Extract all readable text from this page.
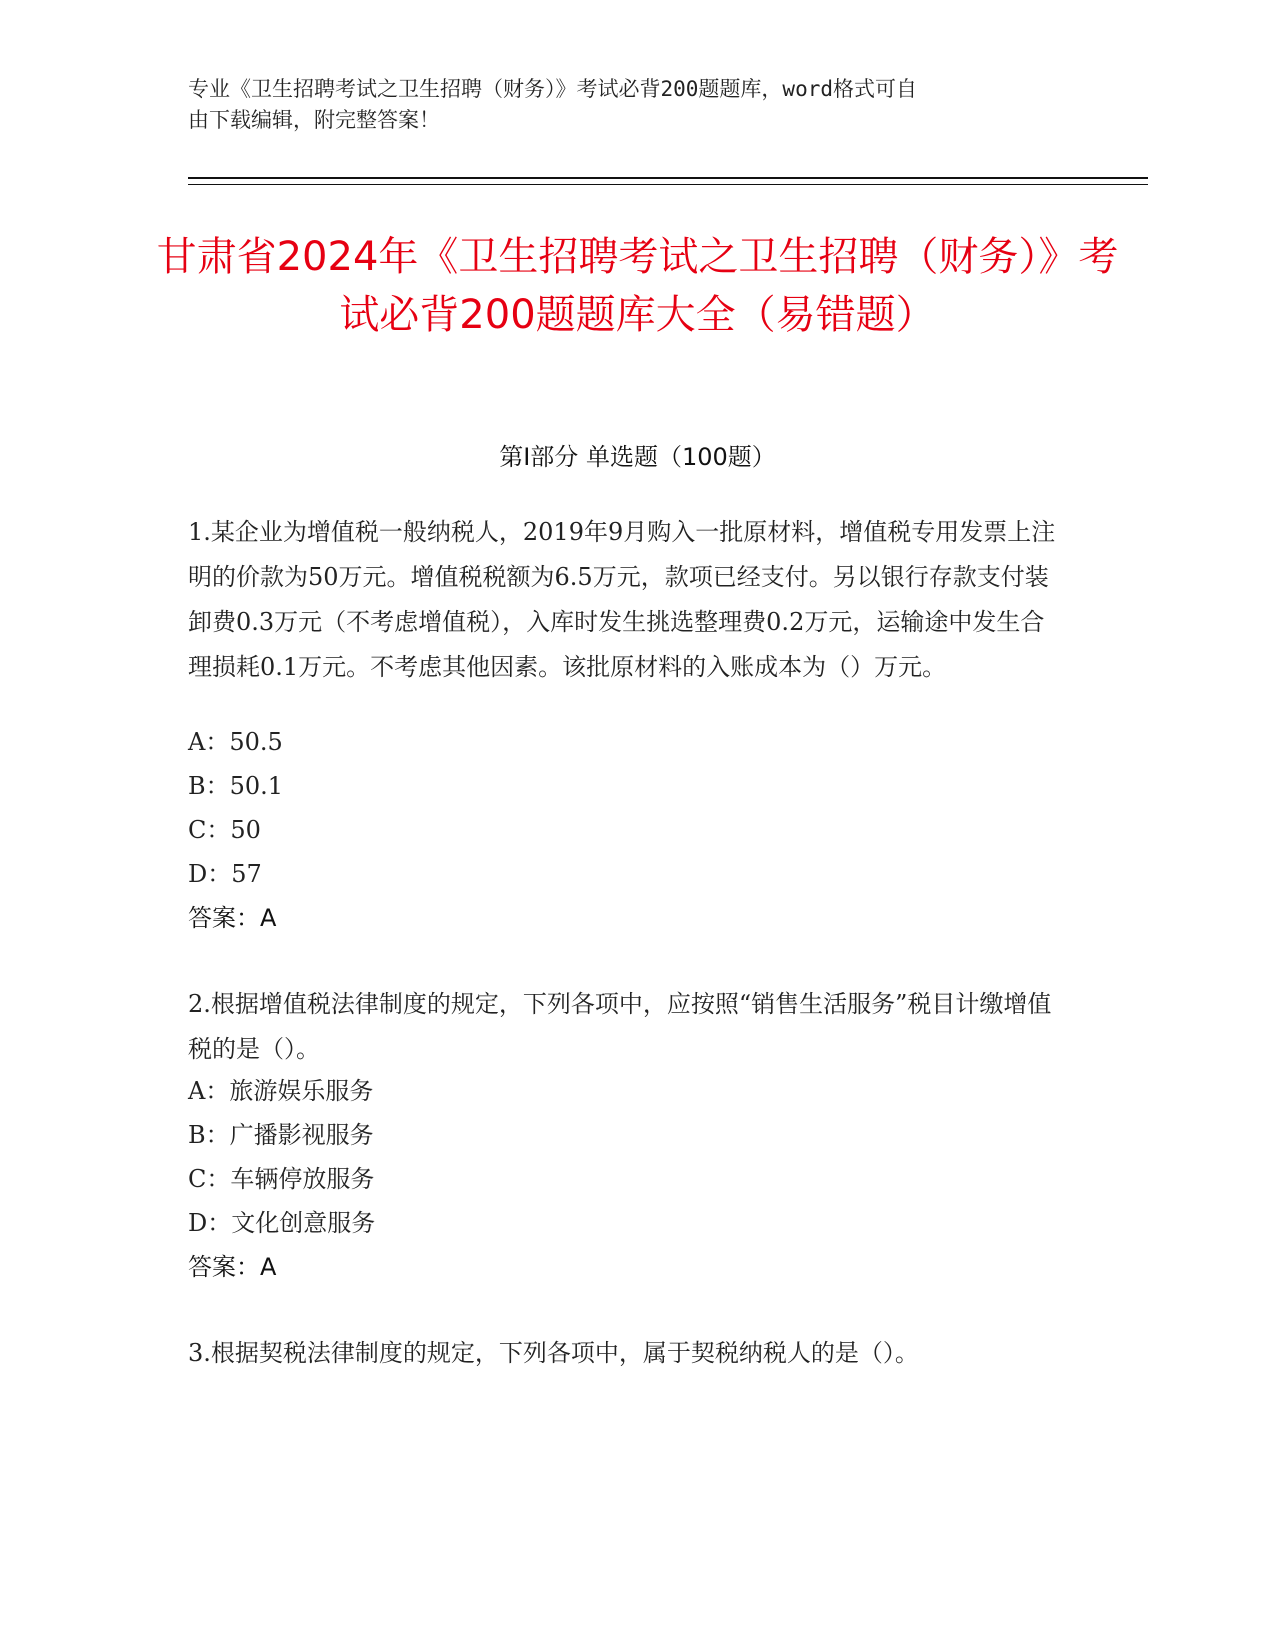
专业《卫生招聘考试之卫生招聘（财务）》考试必背200题题库，word格式可自
由下载编辑，附完整答案！
甘肃省2024年《卫生招聘考试之卫生招聘（财务）》考试必背200题题库大全（易错题）
第I部分 单选题（100题）
1.某企业为增值税一般纳税人，2019年9月购入一批原材料，增值税专用发票上注明的价款为50万元。增值税税额为6.5万元，款项已经支付。另以银行存款支付装卸费0.3万元（不考虑增值税），入库时发生挑选整理费0.2万元，运输途中发生合理损耗0.1万元。不考虑其他因素。该批原材料的入账成本为（）万元。
A：50.5
B：50.1
C：50
D：57
答案：A
2.根据增值税法律制度的规定，下列各项中，应按照“销售生活服务”税目计缴增值税的是（）。
A：旅游娱乐服务
B：广播影视服务
C：车辆停放服务
D：文化创意服务
答案：A
3.根据契税法律制度的规定，下列各项中，属于契税纳税人的是（）。
